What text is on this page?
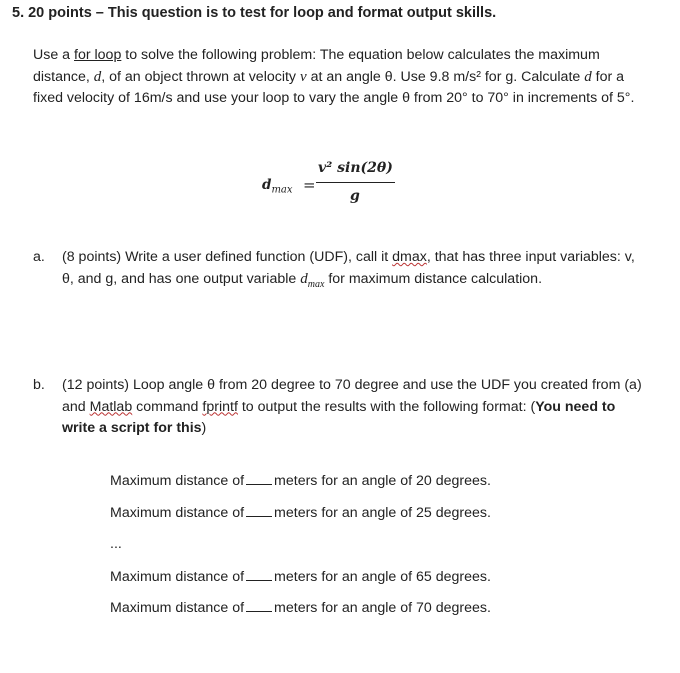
5. 20 points – This question is to test for loop and format output skills.
Use a for loop to solve the following problem: The equation below calculates the maximum distance, d, of an object thrown at velocity v at an angle θ. Use 9.8 m/s² for g. Calculate d for a fixed velocity of 16m/s and use your loop to vary the angle θ from 20° to 70° in increments of 5°.
$d_{max}$ =
v² sin(2θ)
g
a. (8 points) Write a user defined function (UDF), call it dmax, that has three input variables: v, θ, and g, and has one output variable $d_{max}$ for maximum distance calculation.
b. (12 points) Loop angle θ from 20 degree to 70 degree and use the UDF you created from (a) and Matlab command fprintf to output the results with the following format: (You need to write a script for this)
Maximum distance of meters for an angle of 20 degrees.
Maximum distance of meters for an angle of 25 degrees.
...
Maximum distance of meters for an angle of 65 degrees.
Maximum distance of meters for an angle of 70 degrees.
